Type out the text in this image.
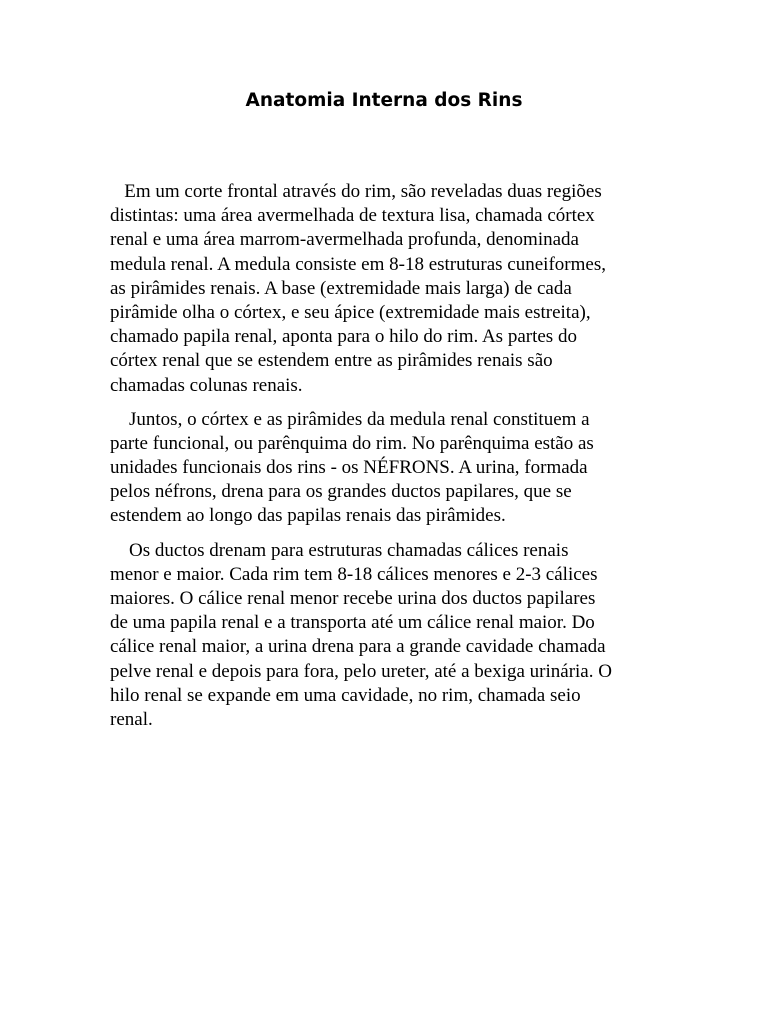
Anatomia Interna dos Rins

Em um corte frontal através do rim, são reveladas duas regiões
distintas: uma área avermelhada de textura lisa, chamada córtex
renal e uma área marrom-avermelhada profunda, denominada
medula renal. A medula consiste em 8-18 estruturas cuneiformes,
as pirâmides renais. A base (extremidade mais larga) de cada
pirâmide olha o córtex, e seu ápice (extremidade mais estreita),
chamado papila renal, aponta para o hilo do rim. As partes do
córtex renal que se estendem entre as pirâmides renais são
chamadas colunas renais.

Juntos, o córtex e as pirâmides da medula renal constituem a
parte funcional, ou parênquima do rim. No parênquima estão as
unidades funcionais dos rins - os NÉFRONS. A urina, formada
pelos néfrons, drena para os grandes ductos papilares, que se
estendem ao longo das papilas renais das pirâmides.

Os ductos drenam para estruturas chamadas cálices renais
menor e maior. Cada rim tem 8-18 cálices menores e 2-3 cálices
maiores. O cálice renal menor recebe urina dos ductos papilares
de uma papila renal e a transporta até um cálice renal maior. Do
cálice renal maior, a urina drena para a grande cavidade chamada
pelve renal e depois para fora, pelo ureter, até a bexiga urinária. O
hilo renal se expande em uma cavidade, no rim, chamada seio
renal.
